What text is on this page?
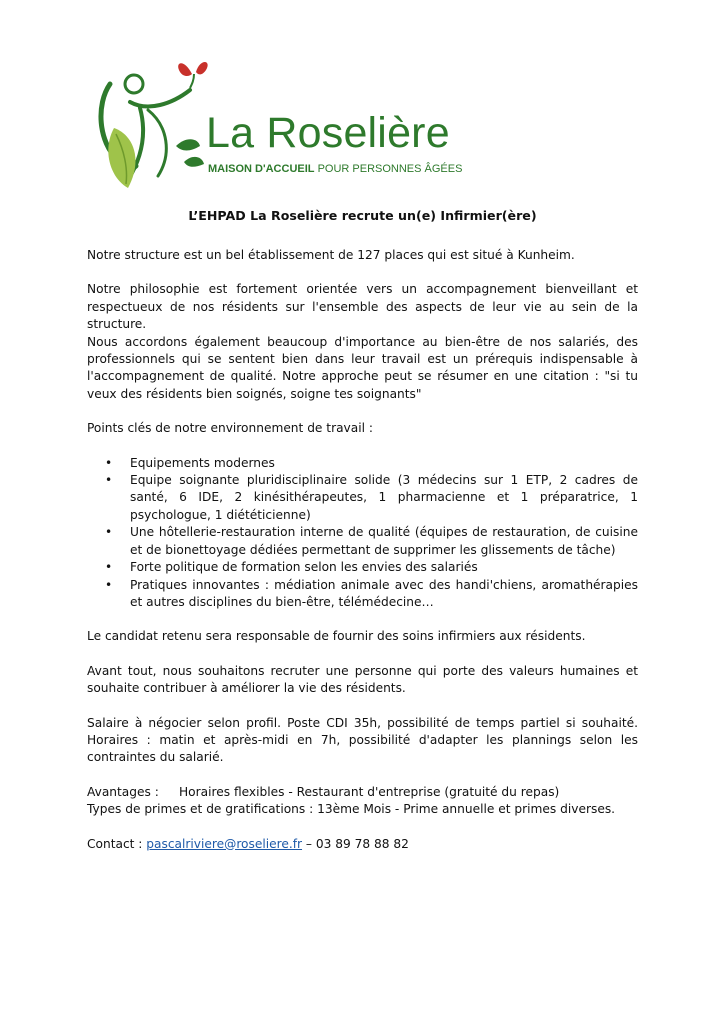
La Roselière
MAISON D'ACCUEIL POUR PERSONNES ÂGÉES
L’EHPAD La Roselière recrute un(e) Infirmier(ère)

Notre structure est un bel établissement de 127 places qui est situé à Kunheim.

Notre philosophie est fortement orientée vers un accompagnement bienveillant et respectueux de nos résidents sur l'ensemble des aspects de leur vie au sein de la structure.

Nous accordons également beaucoup d'importance au bien-être de nos salariés, des professionnels qui se sentent bien dans leur travail est un prérequis indispensable à l'accompagnement de qualité. Notre approche peut se résumer en une citation : "si tu veux des résidents bien soignés, soigne tes soignants"

Points clés de notre environnement de travail :

• Equipements modernes
• Equipe soignante pluridisciplinaire solide (3 médecins sur 1 ETP, 2 cadres de santé, 6 IDE, 2 kinésithérapeutes, 1 pharmacienne et 1 préparatrice, 1 psychologue, 1 diététicienne)
• Une hôtellerie-restauration interne de qualité (équipes de restauration, de cuisine et de bionettoyage dédiées permettant de supprimer les glissements de tâche)
• Forte politique de formation selon les envies des salariés
• Pratiques innovantes : médiation animale avec des handi'chiens, aromathérapies et autres disciplines du bien-être, télémédecine…

Le candidat retenu sera responsable de fournir des soins infirmiers aux résidents.

Avant tout, nous souhaitons recruter une personne qui porte des valeurs humaines et souhaite contribuer à améliorer la vie des résidents.

Salaire à négocier selon profil. Poste CDI 35h, possibilité de temps partiel si souhaité. Horaires : matin et après-midi en 7h, possibilité d'adapter les plannings selon les contraintes du salarié.

Avantages : Horaires flexibles - Restaurant d'entreprise (gratuité du repas)

Types de primes et de gratifications : 13ème Mois - Prime annuelle et primes diverses.

Contact : pascalriviere@roseliere.fr – 03 89 78 88 82
